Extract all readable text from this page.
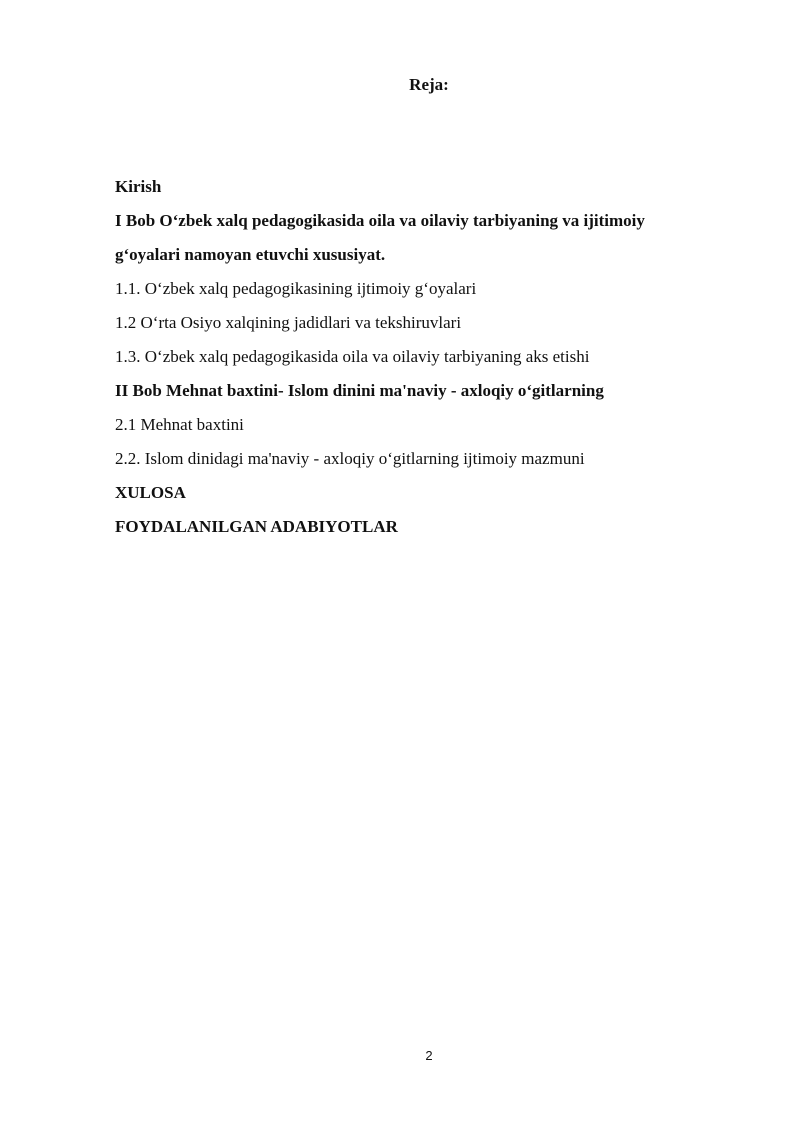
Reja:
Kirish
I Bob O‘zbek xalq pedagogikasida oila va oilaviy tarbiyaning va ijitimoiy
g‘oyalari namoyan etuvchi xususiyat.
1.1. O‘zbek xalq pedagogikasining ijtimoiy g‘oyalari
1.2 O‘rta Osiyo xalqining jadidlari va tekshiruvlari
1.3. O‘zbek xalq pedagogikasida oila va oilaviy tarbiyaning aks etishi
II Bob Mehnat baxtini- Islom dinini ma'naviy - axloqiy o‘gitlarning
2.1 Mehnat baxtini
2.2. Islom dinidagi ma'naviy - axloqiy o‘gitlarning ijtimoiy mazmuni
XULOSA
FOYDALANILGAN ADABIYOTLAR
2
